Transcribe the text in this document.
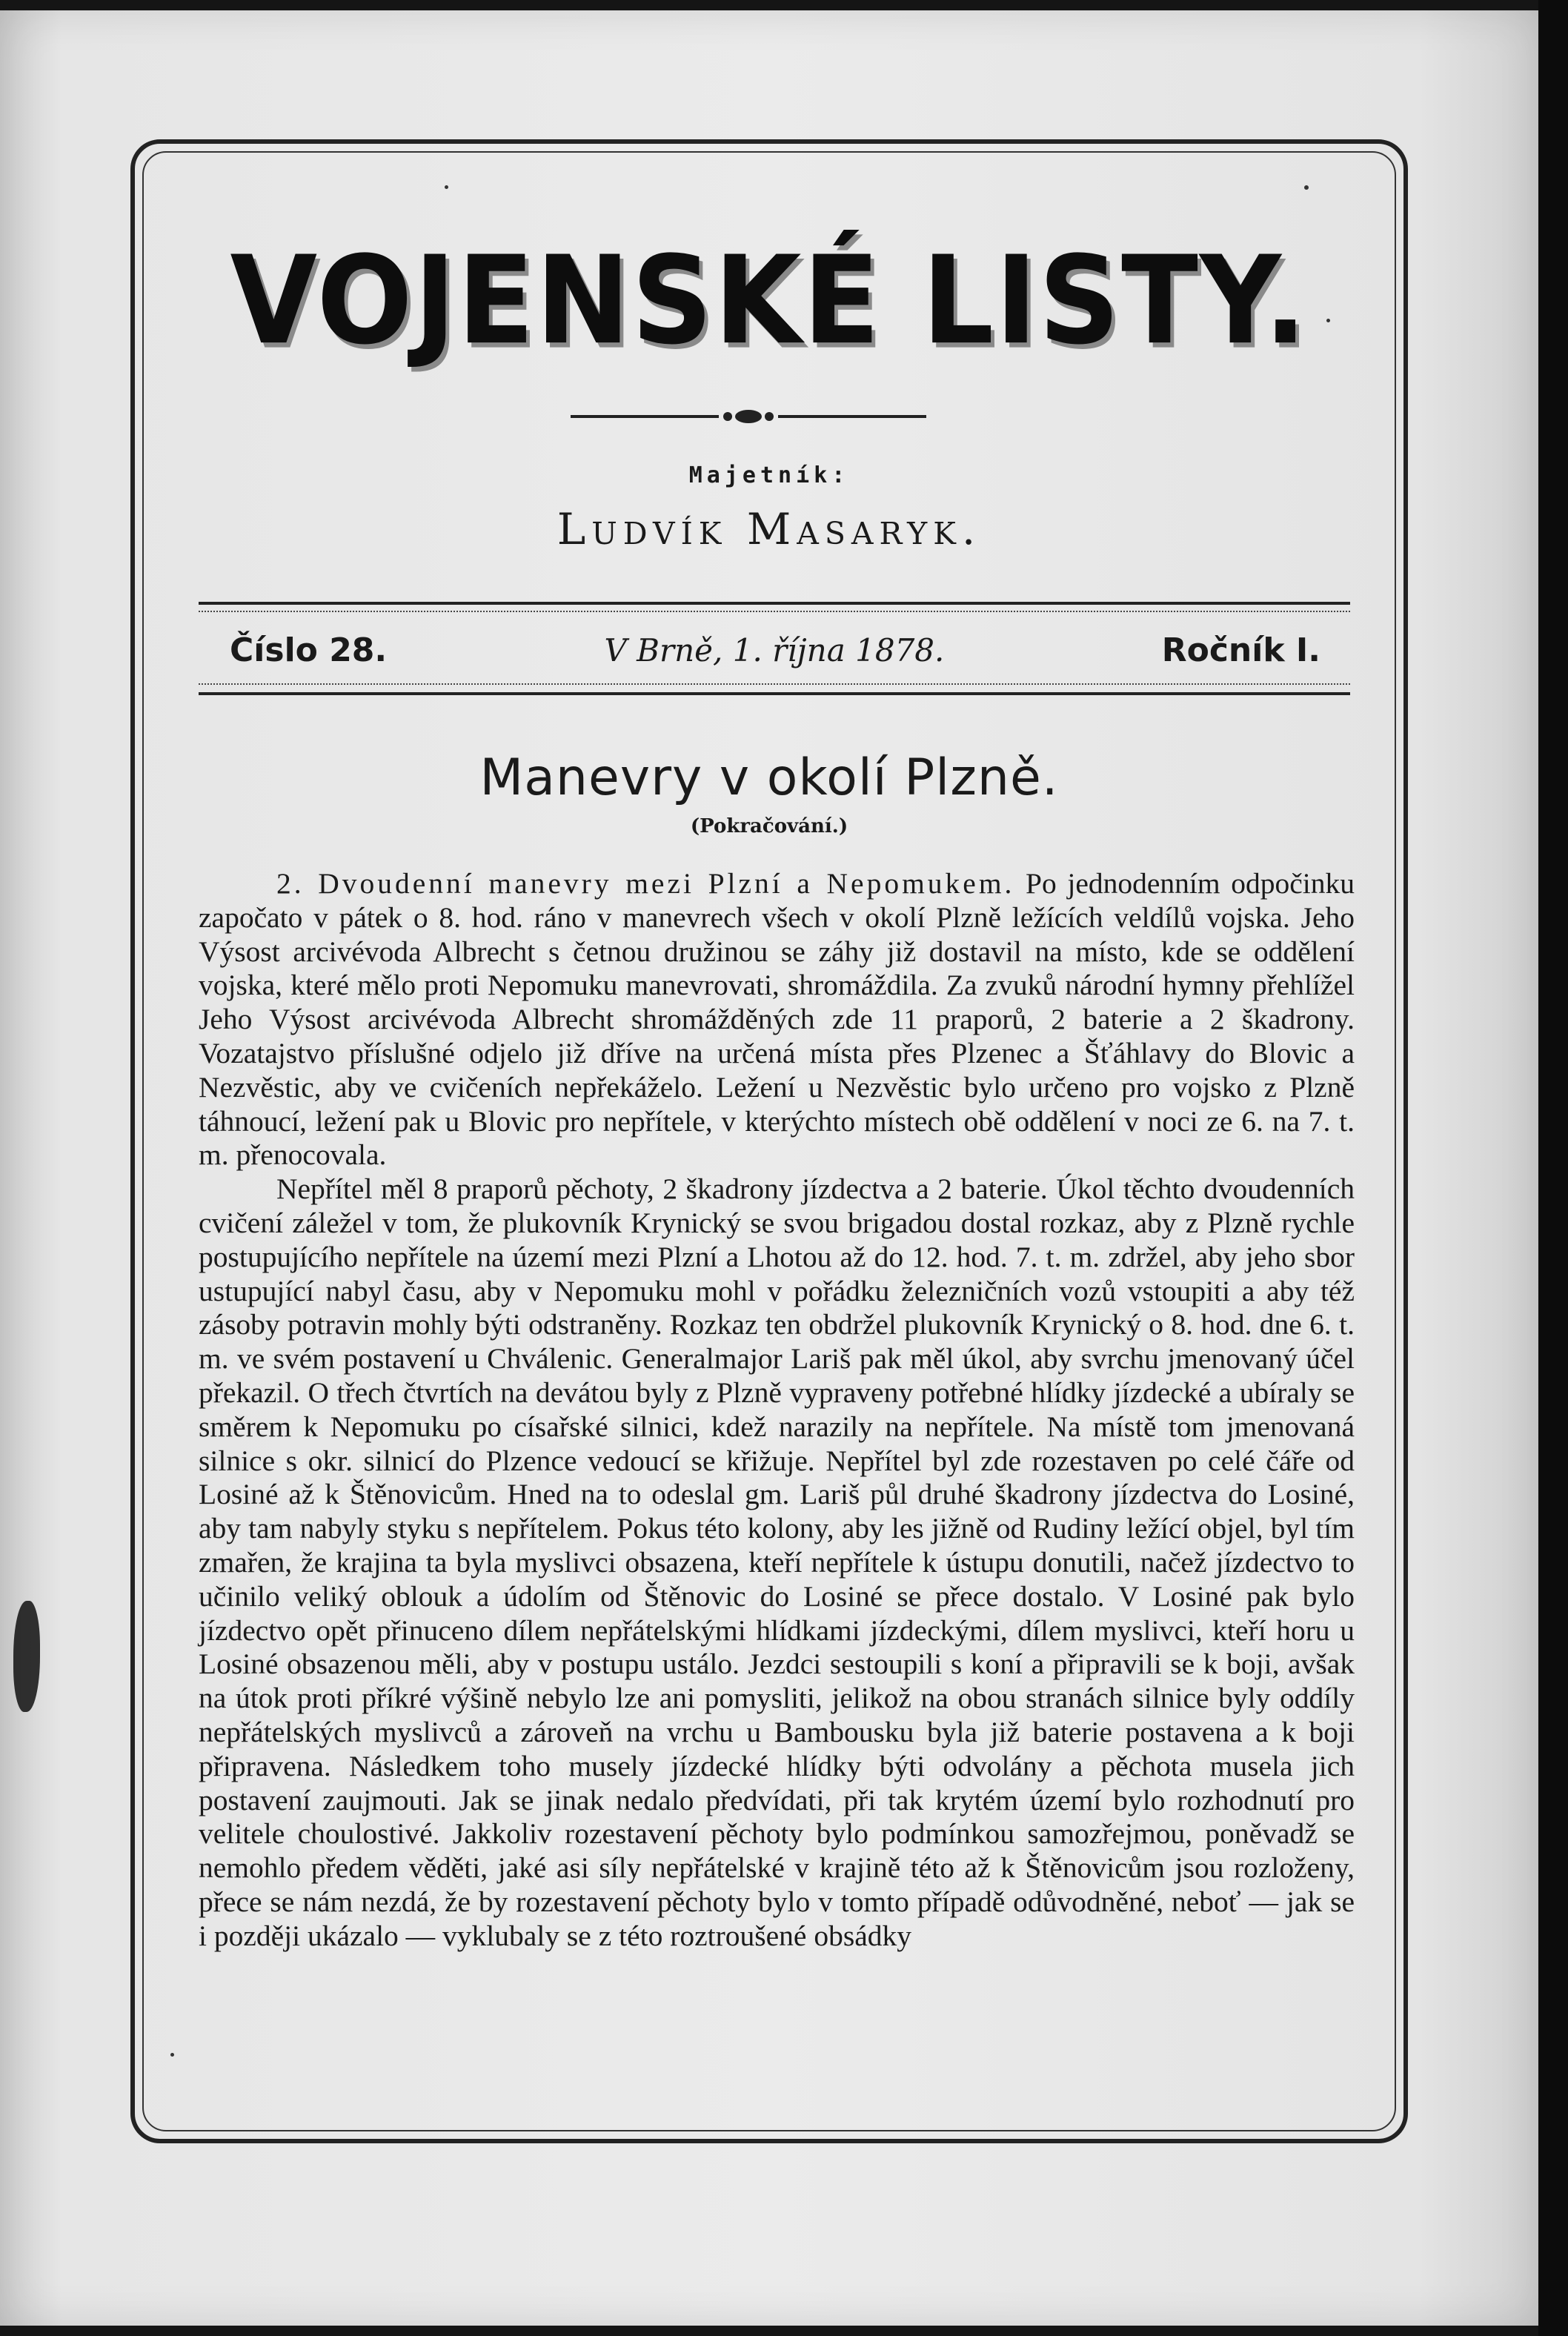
VOJENSKÉ LISTY.
Majetník:
Ludvík Masaryk.
Číslo 28.	V Brně, 1. října 1878.	Ročník I.
Manevry v okolí Plzně.
(Pokračování.)

2. Dvoudenní manevry mezi Plzní a Nepomukem. Po jednodenním odpočinku započato v pátek o 8. hod. ráno v manevrech všech v okolí Plzně ležících veldílů vojska. Jeho Výsost arcivévoda Albrecht s četnou družinou se záhy již dostavil na místo, kde se oddělení vojska, které mělo proti Nepomuku manevrovati, shromáždila. Za zvuků národní hymny přehlížel Jeho Výsost arcivévoda Albrecht shromážděných zde 11 praporů, 2 baterie a 2 škadrony. Vozatajstvo příslušné odjelo již dříve na určená místa přes Plzenec a Šťáhlavy do Blovic a Nezvěstic, aby ve cvičeních nepřekáželo. Ležení u Nezvěstic bylo určeno pro vojsko z Plzně táhnoucí, ležení pak u Blovic pro nepřítele, v kterýchto místech obě oddělení v noci ze 6. na 7. t. m. přenocovala.

Nepřítel měl 8 praporů pěchoty, 2 škadrony jízdectva a 2 baterie. Úkol těchto dvoudenních cvičení záležel v tom, že plukovník Krynický se svou brigadou dostal rozkaz, aby z Plzně rychle postupujícího nepřítele na území mezi Plzní a Lhotou až do 12. hod. 7. t. m. zdržel, aby jeho sbor ustupující nabyl času, aby v Nepomuku mohl v pořádku železničních vozů vstoupiti a aby též zásoby potravin mohly býti odstraněny. Rozkaz ten obdržel plukovník Krynický o 8. hod. dne 6. t. m. ve svém postavení u Chválenic. Generalmajor Lariš pak měl úkol, aby svrchu jmenovaný účel překazil. O třech čtvrtích na devátou byly z Plzně vypraveny potřebné hlídky jízdecké a ubíraly se směrem k Nepomuku po císařské silnici, kdež narazily na nepřítele. Na místě tom jmenovaná silnice s okr. silnicí do Plzence vedoucí se křižuje. Nepřítel byl zde rozestaven po celé čáře od Losiné až k Štěnovicům. Hned na to odeslal gm. Lariš půl druhé škadrony jízdectva do Losiné, aby tam nabyly styku s nepřítelem. Pokus této kolony, aby les jižně od Rudiny ležící objel, byl tím zmařen, že krajina ta byla myslivci obsazena, kteří nepřítele k ústupu donutili, načež jízdectvo to učinilo veliký oblouk a údolím od Štěnovic do Losiné se přece dostalo. V Losiné pak bylo jízdectvo opět přinuceno dílem nepřátelskými hlídkami jízdeckými, dílem myslivci, kteří horu u Losiné obsazenou měli, aby v postupu ustálo. Jezdci sestoupili s koní a připravili se k boji, avšak na útok proti příkré výšině nebylo lze ani pomysliti, jelikož na obou stranách silnice byly oddíly nepřátelských myslivců a zároveň na vrchu u Bambousku byla již baterie postavena a k boji připravena. Následkem toho musely jízdecké hlídky býti odvolány a pěchota musela jich postavení zaujmouti. Jak se jinak nedalo předvídati, při tak krytém území bylo rozhodnutí pro velitele choulostivé. Jakkoliv rozestavení pěchoty bylo podmínkou samozřejmou, poněvadž se nemohlo předem věděti, jaké asi síly nepřátelské v krajině této až k Štěnovicům jsou rozloženy, přece se nám nezdá, že by rozestavení pěchoty bylo v tomto případě odůvodněné, neboť — jak se i později ukázalo — vyklubaly se z této roztroušené obsádky
